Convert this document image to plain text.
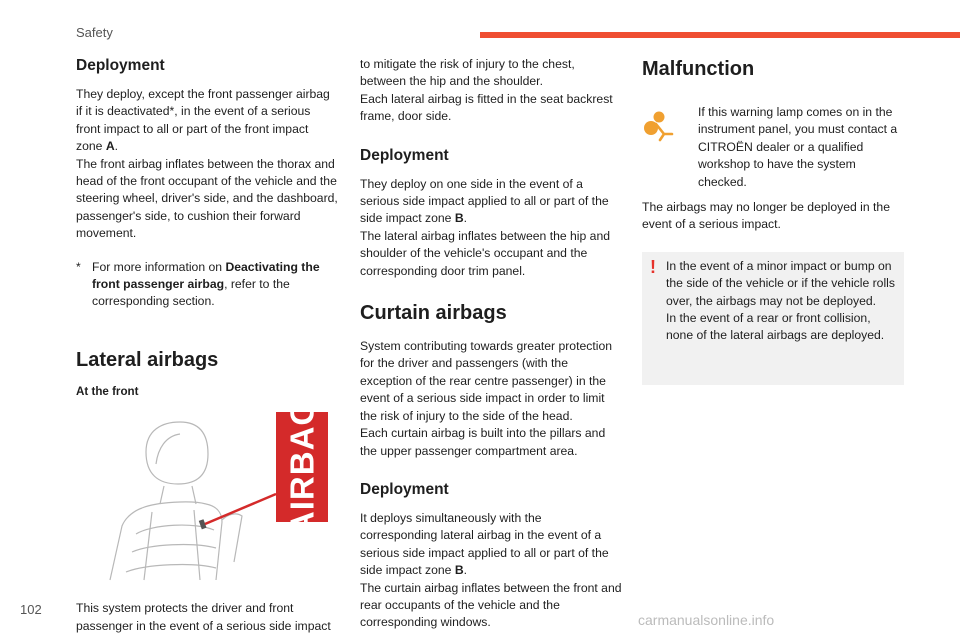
Safety
Deployment

They deploy, except the front passenger airbag if it is deactivated*, in the event of a serious front impact to all or part of the front impact zone A.

The front airbag inflates between the thorax and head of the front occupant of the vehicle and the steering wheel, driver's side, and the dashboard, passenger's side, to cushion their forward movement.

* For more information on Deactivating the front passenger airbag, refer to the corresponding section.
Lateral airbags
At the front
AIRBAG

This system protects the driver and front passenger in the event of a serious side impact

to mitigate the risk of injury to the chest, between the hip and the shoulder.

Each lateral airbag is fitted in the seat backrest frame, door side.

Deployment

They deploy on one side in the event of a serious side impact applied to all or part of the side impact zone B.

The lateral airbag inflates between the hip and shoulder of the vehicle's occupant and the corresponding door trim panel.

Curtain airbags

System contributing towards greater protection for the driver and passengers (with the exception of the rear centre passenger) in the event of a serious side impact in order to limit the risk of injury to the side of the head.

Each curtain airbag is built into the pillars and the upper passenger compartment area.

Deployment

It deploys simultaneously with the corresponding lateral airbag in the event of a serious side impact applied to all or part of the side impact zone B.

The curtain airbag inflates between the front and rear occupants of the vehicle and the corresponding windows.

Malfunction

If this warning lamp comes on in the instrument panel, you must contact a CITROËN dealer or a qualified workshop to have the system checked.

The airbags may no longer be deployed in the event of a serious impact.

! In the event of a minor impact or bump on the side of the vehicle or if the vehicle rolls over, the airbags may not be deployed.

In the event of a rear or front collision, none of the lateral airbags are deployed.

102
carmanualsonline.info
